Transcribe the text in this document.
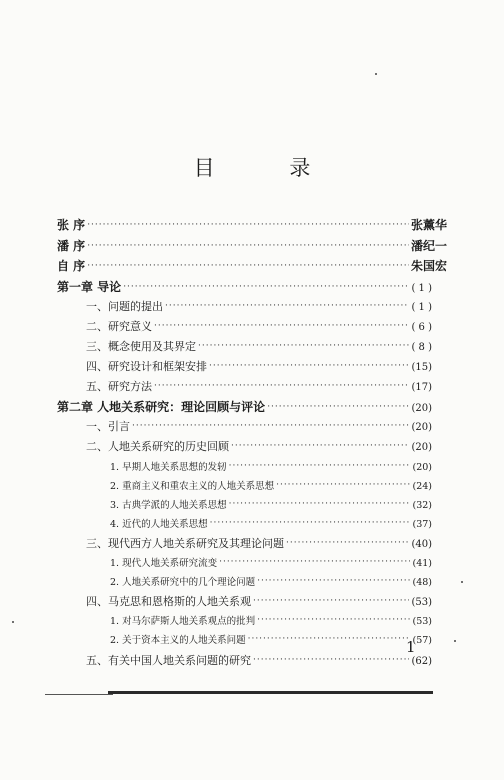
目 录
张 序 ·····	张薰华
潘 序 ·····	潘纪一
自 序 ·····	朱国宏
第一章 导论 ·····	( 1 )
一、问题的提出 ·····	( 1 )
二、研究意义 ·····	( 6 )
三、概念使用及其界定 ·····	( 8 )
四、研究设计和框架安排 ·····	(15)
五、研究方法 ·····	(17)
第二章 人地关系研究：理论回顾与评论 ·····	(20)
一、引言 ·····	(20)
二、人地关系研究的历史回顾 ·····	(20)
1. 早期人地关系思想的发轫 ·····	(20)
2. 重商主义和重农主义的人地关系思想 ·····	(24)
3. 古典学派的人地关系思想 ·····	(32)
4. 近代的人地关系思想 ·····	(37)
三、现代西方人地关系研究及其理论问题 ·····	(40)
1. 现代人地关系研究流变 ·····	(41)
2. 人地关系研究中的几个理论问题 ·····	(48)
四、马克思和恩格斯的人地关系观 ·····	(53)
1. 对马尔萨斯人地关系观点的批判 ·····	(53)
2. 关于资本主义的人地关系问题 ·····	(57)
五、有关中国人地关系问题的研究 ·····	(62)
1
